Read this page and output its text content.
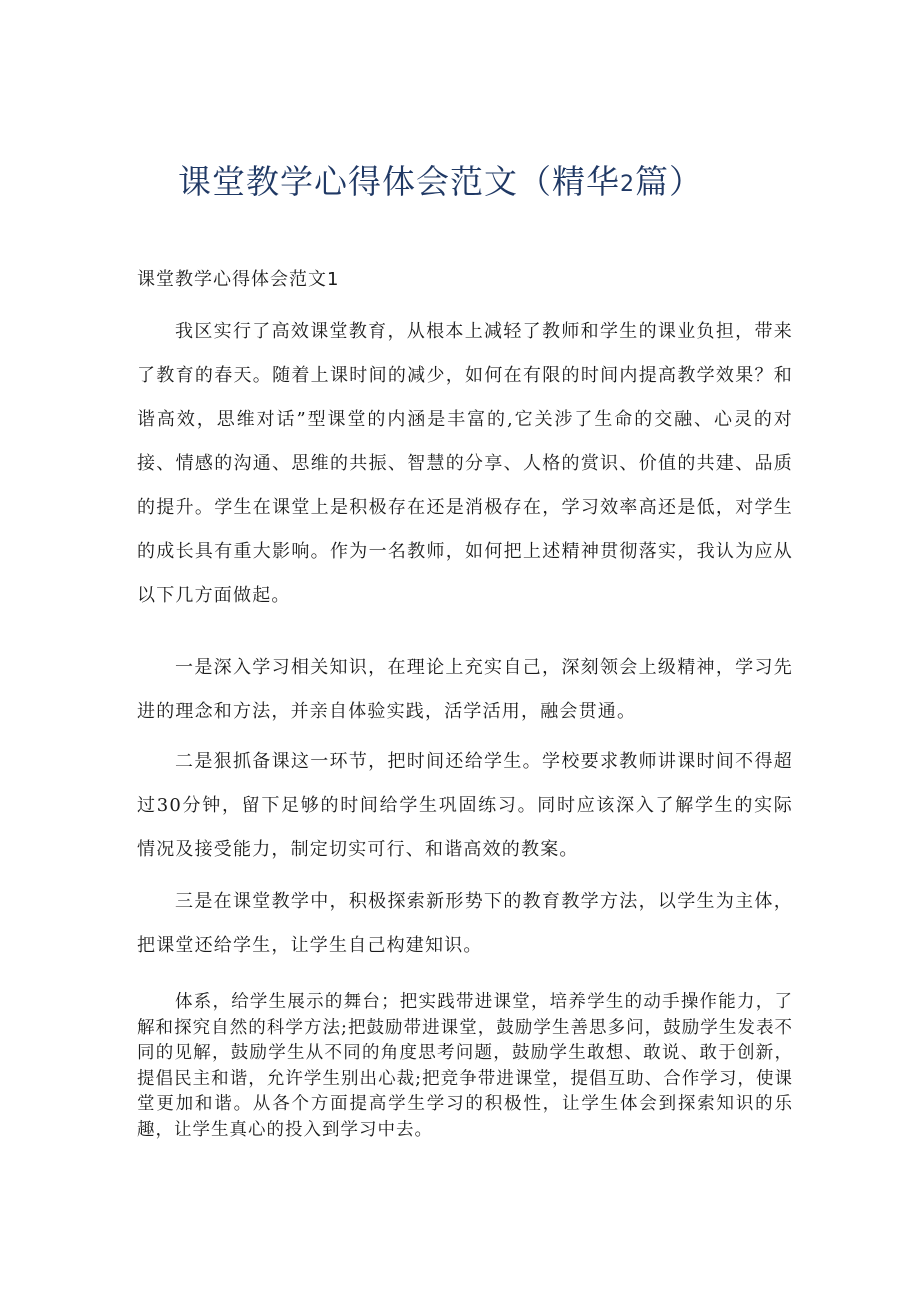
课堂教学心得体会范文（精华2篇）

课堂教学心得体会范文1

我区实行了高效课堂教育，从根本上减轻了教师和学生的课业负担，带来了教育的春天。随着上课时间的减少，如何在有限的时间内提高教学效果？和谐高效，思维对话”型课堂的内涵是丰富的,它关涉了生命的交融、心灵的对接、情感的沟通、思维的共振、智慧的分享、人格的赏识、价值的共建、品质的提升。学生在课堂上是积极存在还是消极存在，学习效率高还是低，对学生的成长具有重大影响。作为一名教师，如何把上述精神贯彻落实，我认为应从以下几方面做起。

一是深入学习相关知识，在理论上充实自己，深刻领会上级精神，学习先进的理念和方法，并亲自体验实践，活学活用，融会贯通。

二是狠抓备课这一环节，把时间还给学生。学校要求教师讲课时间不得超过30分钟，留下足够的时间给学生巩固练习。同时应该深入了解学生的实际情况及接受能力，制定切实可行、和谐高效的教案。

三是在课堂教学中，积极探索新形势下的教育教学方法，以学生为主体，把课堂还给学生，让学生自己构建知识。

体系，给学生展示的舞台；把实践带进课堂，培养学生的动手操作能力，了解和探究自然的科学方法;把鼓励带进课堂，鼓励学生善思多问，鼓励学生发表不同的见解，鼓励学生从不同的角度思考问题，鼓励学生敢想、敢说、敢于创新，提倡民主和谐，允许学生别出心裁;把竞争带进课堂，提倡互助、合作学习，使课堂更加和谐。从各个方面提高学生学习的积极性，让学生体会到探索知识的乐趣，让学生真心的投入到学习中去。
